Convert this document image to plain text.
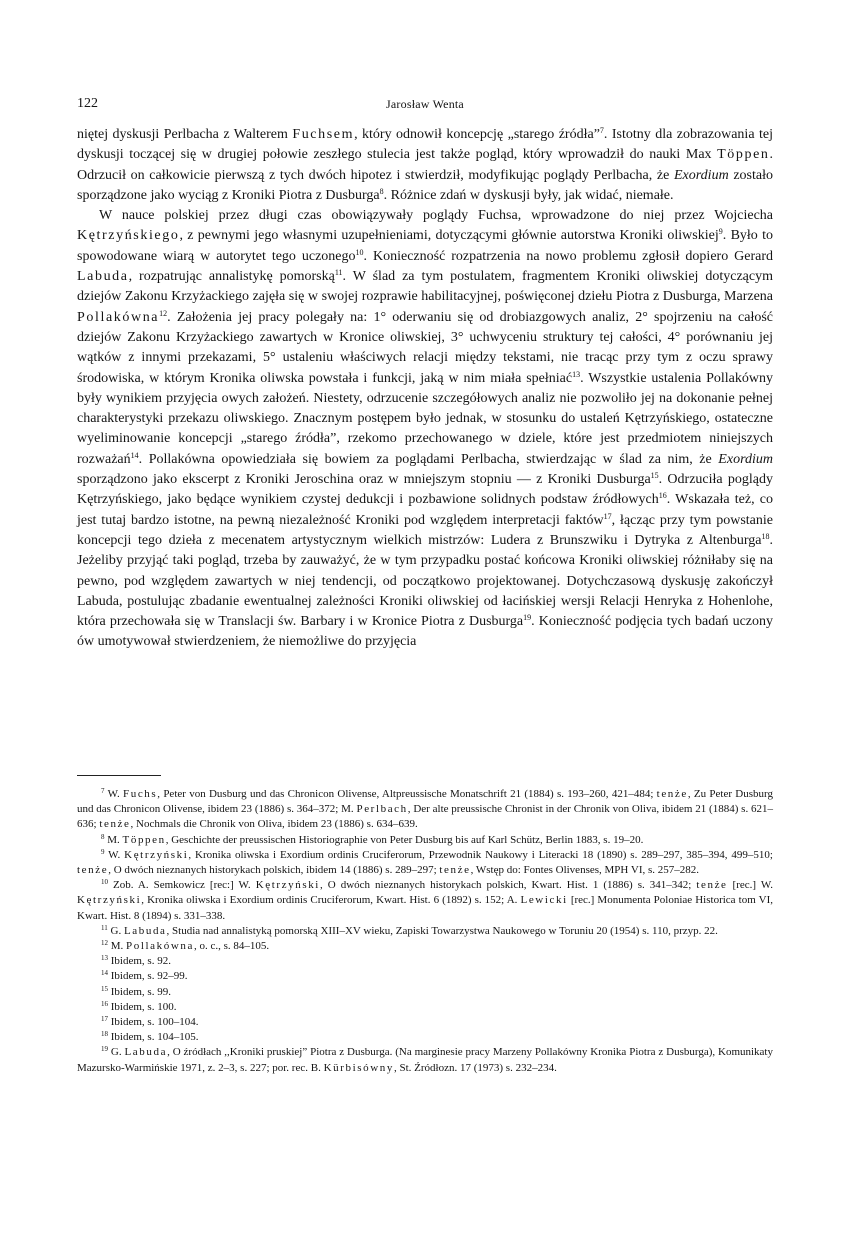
122	Jarosław Wenta

niętej dyskusji Perlbacha z Walterem Fuchsem, który odnowił koncepcję „starego źródła”$^7$. Istotny dla zobrazowania tej dyskusji toczącej się w drugiej połowie zeszłego stulecia jest także pogląd, który wprowadził do nauki Max Töppen. Odrzucił on całkowicie pierwszą z tych dwóch hipotez i stwierdził, modyfikując poglądy Perlbacha, że Exordium zostało sporządzone jako wyciąg z Kroniki Piotra z Dusburga$^8$. Różnice zdań w dyskusji były, jak widać, niemałe.

W nauce polskiej przez długi czas obowiązywały poglądy Fuchsa, wprowadzone do niej przez Wojciecha Kętrzyńskiego, z pewnymi jego własnymi uzupełnieniami, dotyczącymi głównie autorstwa Kroniki oliwskiej$^9$. Było to spowodowane wiarą w autorytet tego uczonego$^{10}$. Konieczność rozpatrzenia na nowo problemu zgłosił dopiero Gerard Labuda, rozpatrując annalistykę pomorską$^{11}$. W ślad za tym postulatem, fragmentem Kroniki oliwskiej dotyczącym dziejów Zakonu Krzyżackiego zajęła się w swojej rozprawie habilitacyjnej, poświęconej dziełu Piotra z Dusburga, Marzena Pollakówna$^{12}$. Założenia jej pracy polegały na: 1° oderwaniu się od drobiazgowych analiz, 2° spojrzeniu na całość dziejów Zakonu Krzyżackiego zawartych w Kronice oliwskiej, 3° uchwyceniu struktury tej całości, 4° porównaniu jej wątków z innymi przekazami, 5° ustaleniu właściwych relacji między tekstami, nie tracąc przy tym z oczu sprawy środowiska, w którym Kronika oliwska powstała i funkcji, jaką w nim miała spełniać$^{13}$. Wszystkie ustalenia Pollakówny były wynikiem przyjęcia owych założeń. Niestety, odrzucenie szczegółowych analiz nie pozwoliło jej na dokonanie pełnej charakterystyki przekazu oliwskiego. Znacznym postępem było jednak, w stosunku do ustaleń Kętrzyńskiego, ostateczne wyeliminowanie koncepcji „starego źródła”, rzekomo przechowanego w dziele, które jest przedmiotem niniejszych rozważań$^{14}$. Pollakówna opowiedziała się bowiem za poglądami Perlbacha, stwierdzając w ślad za nim, że Exordium sporządzono jako ekscerpt z Kroniki Jeroschina oraz w mniejszym stopniu — z Kroniki Dusburga$^{15}$. Odrzuciła poglądy Kętrzyńskiego, jako będące wynikiem czystej dedukcji i pozbawione solidnych podstaw źródłowych$^{16}$. Wskazała też, co jest tutaj bardzo istotne, na pewną niezależność Kroniki pod względem interpretacji faktów$^{17}$, łącząc przy tym powstanie koncepcji tego dzieła z mecenatem artystycznym wielkich mistrzów: Ludera z Brunszwiku i Dytryka z Altenburga$^{18}$. Jeżeliby przyjąć taki pogląd, trzeba by zauważyć, że w tym przypadku postać końcowa Kroniki oliwskiej różniłaby się na pewno, pod względem zawartych w niej tendencji, od początkowo projektowanej. Dotychczasową dyskusję zakończył Labuda, postulując zbadanie ewentualnej zależności Kroniki oliwskiej od łacińskiej wersji Relacji Henryka z Hohenlohe, która przechowała się w Translacji św. Barbary i w Kronice Piotra z Dusburga$^{19}$. Konieczność podjęcia tych badań uczony ów umotywował stwierdzeniem, że niemożliwe do przyjęcia

$^7$ W. Fuchs, Peter von Dusburg und das Chronicon Olivense, Altpreussische Monatschrift 21 (1884) s. 193–260, 421–484; tenże, Zu Peter Dusburg und das Chronicon Olivense, ibidem 23 (1886) s. 364–372; M. Perlbach, Der alte preussische Chronist in der Chronik von Oliva, ibidem 21 (1884) s. 621–636; tenże, Nochmals die Chronik von Oliva, ibidem 23 (1886) s. 634–639.

$^8$ M. Töppen, Geschichte der preussischen Historiographie von Peter Dusburg bis auf Karl Schütz, Berlin 1883, s. 19–20.

$^9$ W. Kętrzyński, Kronika oliwska i Exordium ordinis Cruciferorum, Przewodnik Naukowy i Literacki 18 (1890) s. 289–297, 385–394, 499–510; tenże, O dwóch nieznanych historykach polskich, ibidem 14 (1886) s. 289–297; tenże, Wstęp do: Fontes Olivenses, MPH VI, s. 257–282.

$^{10}$ Zob. A. Semkowicz [rec:] W. Kętrzyński, O dwóch nieznanych historykach polskich, Kwart. Hist. 1 (1886) s. 341–342; tenże [rec.] W. Kętrzyński, Kronika oliwska i Exordium ordinis Cruciferorum, Kwart. Hist. 6 (1892) s. 152; A. Lewicki [rec.] Monumenta Poloniae Historica tom VI, Kwart. Hist. 8 (1894) s. 331–338.

$^{11}$ G. Labuda, Studia nad annalistyką pomorską XIII–XV wieku, Zapiski Towarzystwa Naukowego w Toruniu 20 (1954) s. 110, przyp. 22.

$^{12}$ M. Pollakówna, o. c., s. 84–105.

$^{13}$ Ibidem, s. 92.

$^{14}$ Ibidem, s. 92–99.

$^{15}$ Ibidem, s. 99.

$^{16}$ Ibidem, s. 100.

$^{17}$ Ibidem, s. 100–104.

$^{18}$ Ibidem, s. 104–105.

$^{19}$ G. Labuda, O źródłach ,,Kroniki pruskiej” Piotra z Dusburga. (Na marginesie pracy Marzeny Pollakówny Kronika Piotra z Dusburga), Komunikaty Mazursko-Warmińskie 1971, z. 2–3, s. 227; por. rec. B. Kürbisówny, St. Źródłozn. 17 (1973) s. 232–234.
